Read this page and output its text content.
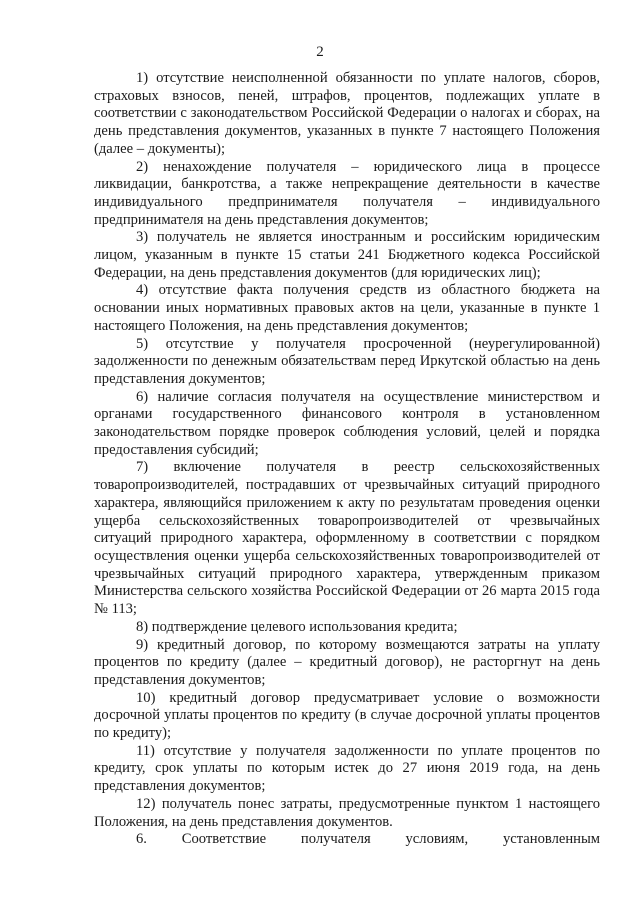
2

1) отсутствие неисполненной обязанности по уплате налогов, сборов, страховых взносов, пеней, штрафов, процентов, подлежащих уплате в соответствии с законодательством Российской Федерации о налогах и сборах, на день представления документов, указанных в пункте 7 настоящего Положения (далее – документы);

2) ненахождение получателя – юридического лица в процессе ликвидации, банкротства, а также непрекращение деятельности в качестве индивидуального предпринимателя получателя – индивидуального предпринимателя на день представления документов;

3) получатель не является иностранным и российским юридическим лицом, указанным в пункте 15 статьи 241 Бюджетного кодекса Российской Федерации, на день представления документов (для юридических лиц);

4) отсутствие факта получения средств из областного бюджета на основании иных нормативных правовых актов на цели, указанные в пункте 1 настоящего Положения, на день представления документов;

5) отсутствие у получателя просроченной (неурегулированной) задолженности по денежным обязательствам перед Иркутской областью на день представления документов;

6) наличие согласия получателя на осуществление министерством и органами государственного финансового контроля в установленном законодательством порядке проверок соблюдения условий, целей и порядка предоставления субсидий;

7) включение получателя в реестр сельскохозяйственных товаропроизводителей, пострадавших от чрезвычайных ситуаций природного характера, являющийся приложением к акту по результатам проведения оценки ущерба сельскохозяйственных товаропроизводителей от чрезвычайных ситуаций природного характера, оформленному в соответствии с порядком осуществления оценки ущерба сельскохозяйственных товаропроизводителей от чрезвычайных ситуаций природного характера, утвержденным приказом Министерства сельского хозяйства Российской Федерации от 26 марта 2015 года № 113;

8) подтверждение целевого использования кредита;

9) кредитный договор, по которому возмещаются затраты на уплату процентов по кредиту (далее – кредитный договор), не расторгнут на день представления документов;

10) кредитный договор предусматривает условие о возможности досрочной уплаты процентов по кредиту (в случае досрочной уплаты процентов по кредиту);

11) отсутствие у получателя задолженности по уплате процентов по кредиту, срок уплаты по которым истек до 27 июня 2019 года, на день представления документов;

12) получатель понес затраты, предусмотренные пунктом 1 настоящего Положения, на день представления документов.

6. Соответствие получателя условиям, установленным
